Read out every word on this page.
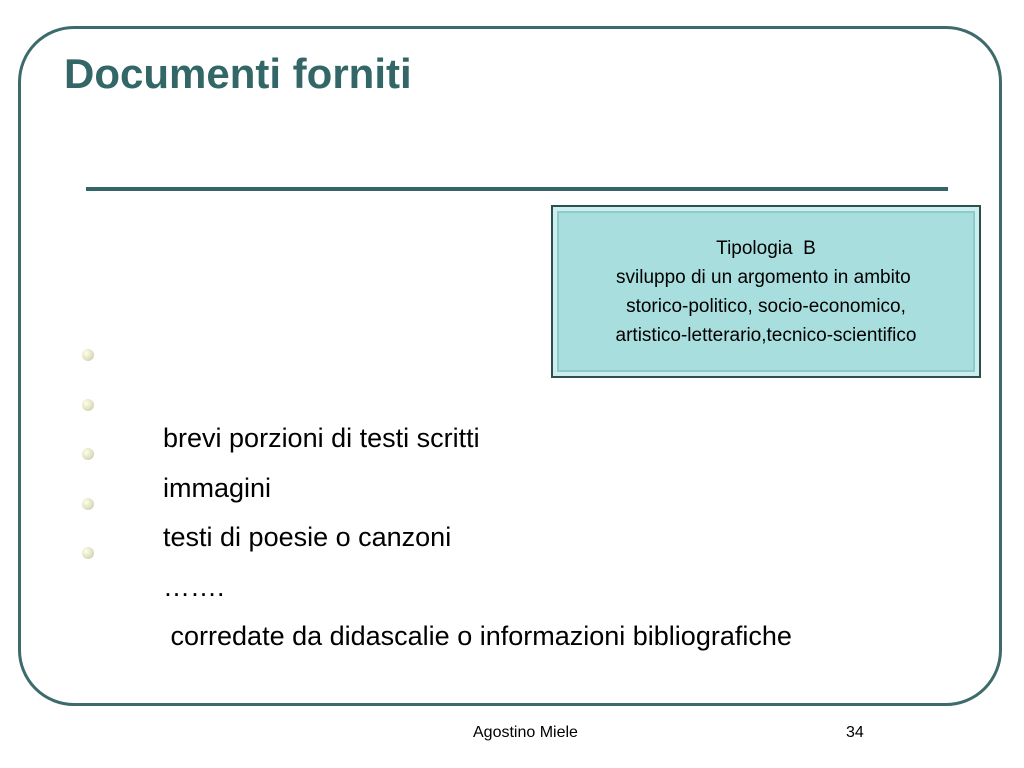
Documenti forniti
Tipologia  B
sviluppo di un argomento in ambito
storico-politico, socio-economico,
artistico-letterario,tecnico-scientifico

brevi porzioni di testi scritti

immagini

testi di poesie o canzoni

…….

corredate da didascalie o informazioni bibliografiche

Agostino Miele	34
